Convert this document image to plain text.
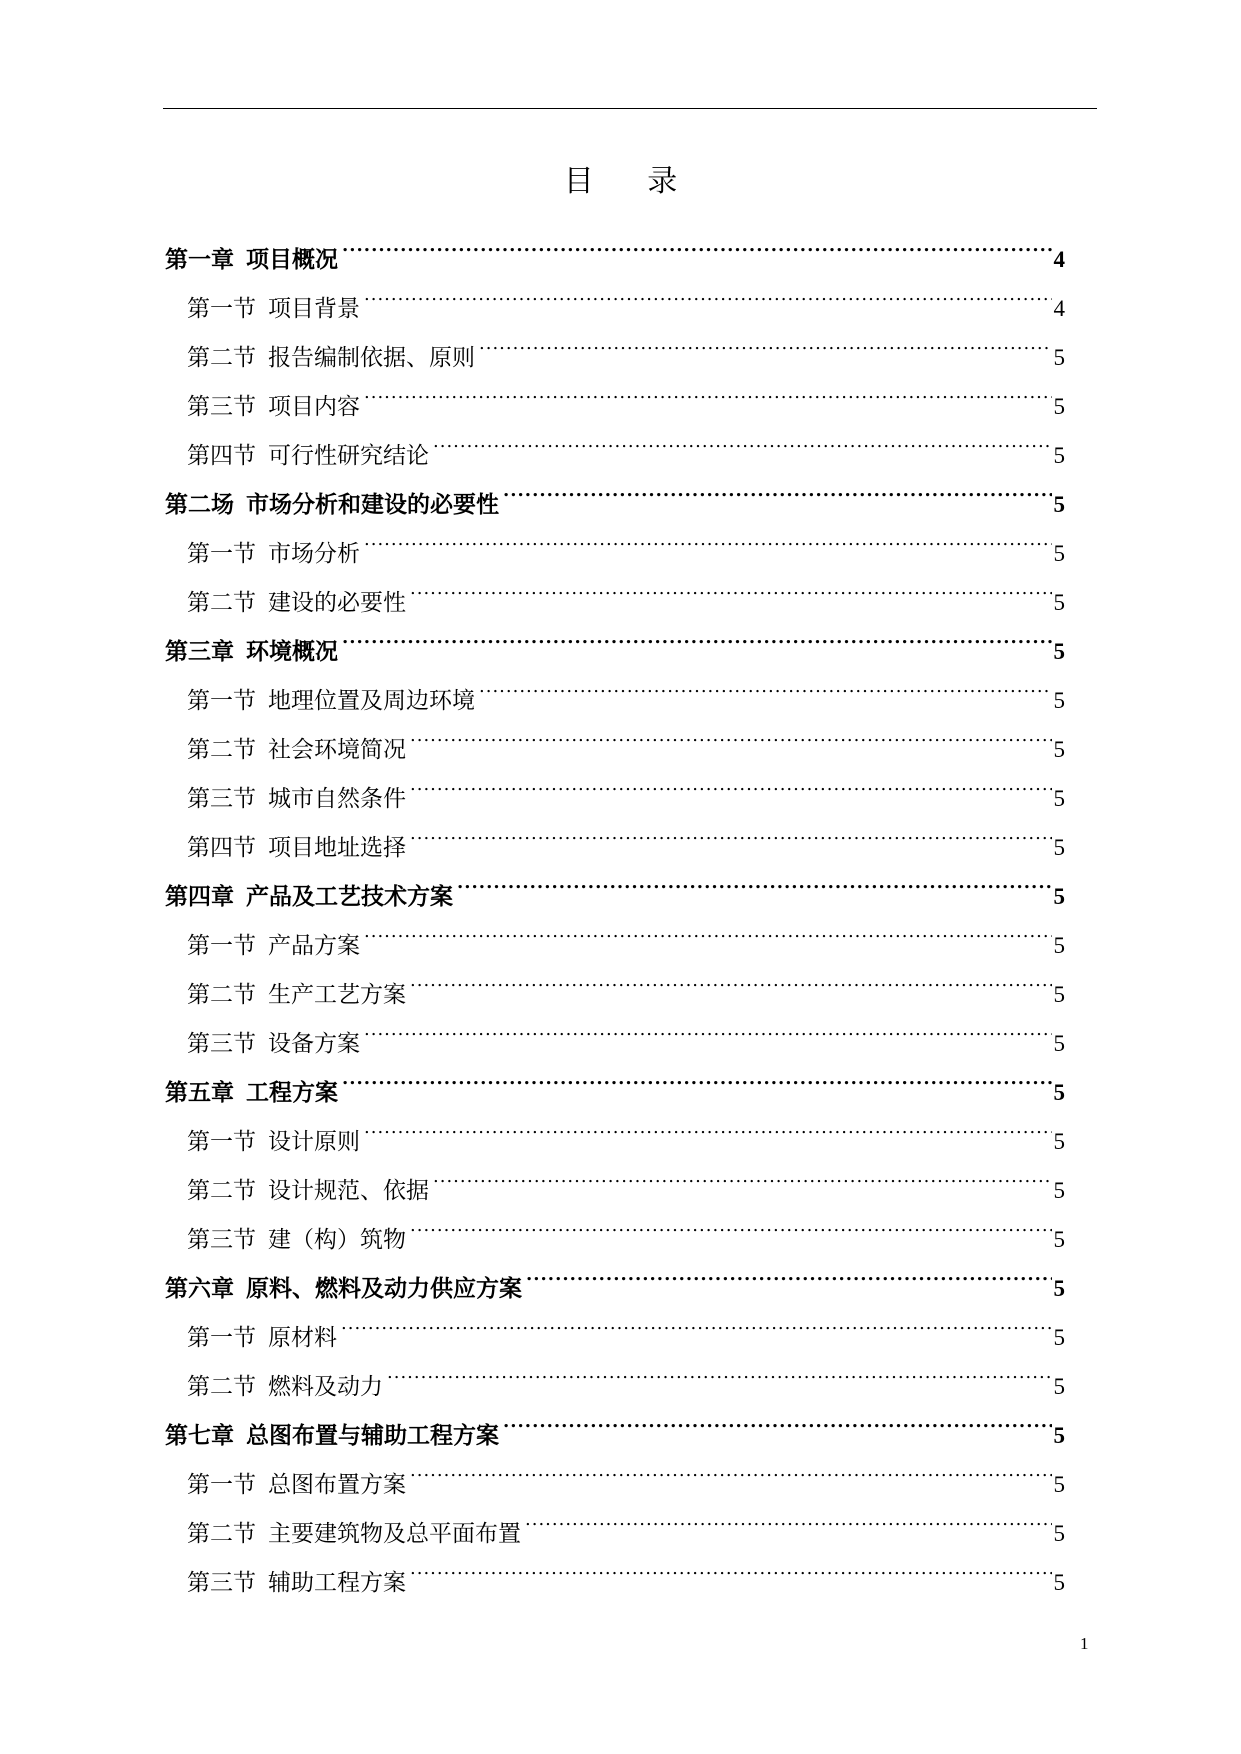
目 录
第一章 项目概况 .....	4
第一节 项目背景 .....	4
第二节 报告编制依据、原则 .....	5
第三节 项目内容 .....	5
第四节 可行性研究结论 .....	5
第二场 市场分析和建设的必要性 .....	5
第一节 市场分析 .....	5
第二节 建设的必要性 .....	5
第三章 环境概况 .....	5
第一节 地理位置及周边环境 .....	5
第二节 社会环境简况 .....	5
第三节 城市自然条件 .....	5
第四节 项目地址选择 .....	5
第四章 产品及工艺技术方案 .....	5
第一节 产品方案 .....	5
第二节 生产工艺方案 .....	5
第三节 设备方案 .....	5
第五章 工程方案 .....	5
第一节 设计原则 .....	5
第二节 设计规范、依据 .....	5
第三节 建（构）筑物 .....	5
第六章 原料、燃料及动力供应方案 .....	5
第一节 原材料 .....	5
第二节 燃料及动力 .....	5
第七章 总图布置与辅助工程方案 .....	5
第一节 总图布置方案 .....	5
第二节 主要建筑物及总平面布置 .....	5
第三节 辅助工程方案 .....	5
1
